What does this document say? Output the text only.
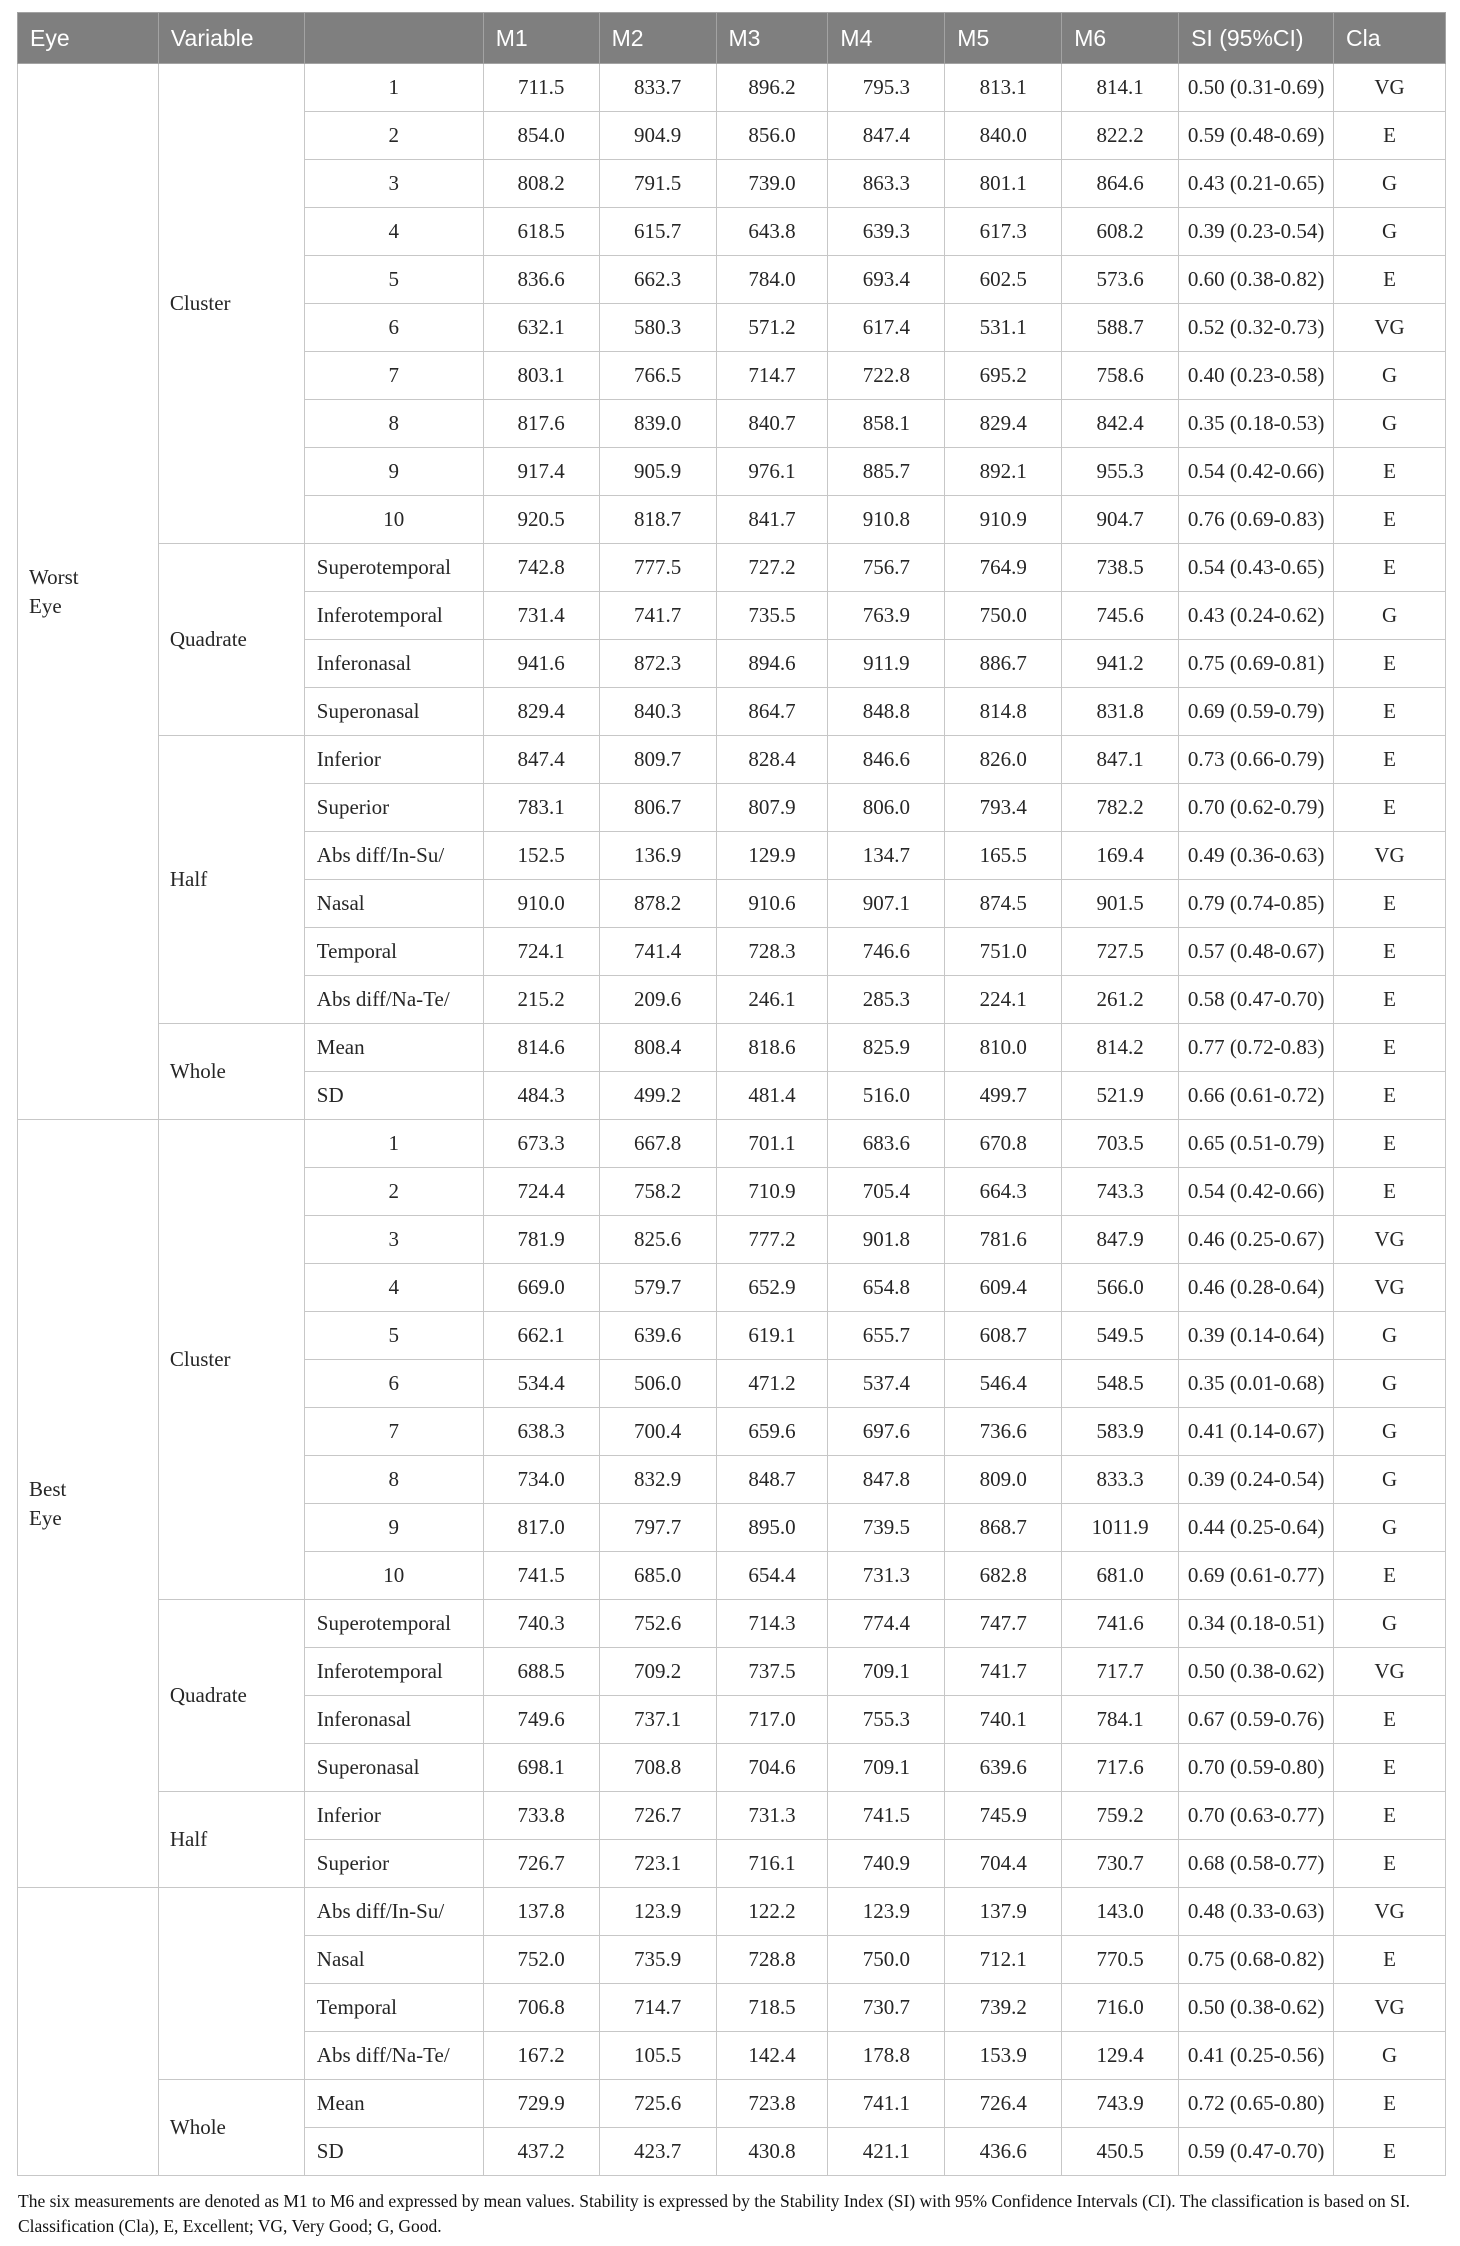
Eye	Variable		M1	M2	M3	M4	M5	M6	SI (95%CI)	Cla
Worst Eye	Cluster	1	711.5	833.7	896.2	795.3	813.1	814.1	0.50 (0.31-0.69)	VG
		2	854.0	904.9	856.0	847.4	840.0	822.2	0.59 (0.48-0.69)	E
		3	808.2	791.5	739.0	863.3	801.1	864.6	0.43 (0.21-0.65)	G
		4	618.5	615.7	643.8	639.3	617.3	608.2	0.39 (0.23-0.54)	G
		5	836.6	662.3	784.0	693.4	602.5	573.6	0.60 (0.38-0.82)	E
		6	632.1	580.3	571.2	617.4	531.1	588.7	0.52 (0.32-0.73)	VG
		7	803.1	766.5	714.7	722.8	695.2	758.6	0.40 (0.23-0.58)	G
		8	817.6	839.0	840.7	858.1	829.4	842.4	0.35 (0.18-0.53)	G
		9	917.4	905.9	976.1	885.7	892.1	955.3	0.54 (0.42-0.66)	E
		10	920.5	818.7	841.7	910.8	910.9	904.7	0.76 (0.69-0.83)	E
	Quadrate	Superotemporal	742.8	777.5	727.2	756.7	764.9	738.5	0.54 (0.43-0.65)	E
		Inferotemporal	731.4	741.7	735.5	763.9	750.0	745.6	0.43 (0.24-0.62)	G
		Inferonasal	941.6	872.3	894.6	911.9	886.7	941.2	0.75 (0.69-0.81)	E
		Superonasal	829.4	840.3	864.7	848.8	814.8	831.8	0.69 (0.59-0.79)	E
	Half	Inferior	847.4	809.7	828.4	846.6	826.0	847.1	0.73 (0.66-0.79)	E
		Superior	783.1	806.7	807.9	806.0	793.4	782.2	0.70 (0.62-0.79)	E
		Abs diff/In-Su/	152.5	136.9	129.9	134.7	165.5	169.4	0.49 (0.36-0.63)	VG
		Nasal	910.0	878.2	910.6	907.1	874.5	901.5	0.79 (0.74-0.85)	E
		Temporal	724.1	741.4	728.3	746.6	751.0	727.5	0.57 (0.48-0.67)	E
		Abs diff/Na-Te/	215.2	209.6	246.1	285.3	224.1	261.2	0.58 (0.47-0.70)	E
	Whole	Mean	814.6	808.4	818.6	825.9	810.0	814.2	0.77 (0.72-0.83)	E
		SD	484.3	499.2	481.4	516.0	499.7	521.9	0.66 (0.61-0.72)	E
Best Eye	Cluster	1	673.3	667.8	701.1	683.6	670.8	703.5	0.65 (0.51-0.79)	E
		2	724.4	758.2	710.9	705.4	664.3	743.3	0.54 (0.42-0.66)	E
		3	781.9	825.6	777.2	901.8	781.6	847.9	0.46 (0.25-0.67)	VG
		4	669.0	579.7	652.9	654.8	609.4	566.0	0.46 (0.28-0.64)	VG
		5	662.1	639.6	619.1	655.7	608.7	549.5	0.39 (0.14-0.64)	G
		6	534.4	506.0	471.2	537.4	546.4	548.5	0.35 (0.01-0.68)	G
		7	638.3	700.4	659.6	697.6	736.6	583.9	0.41 (0.14-0.67)	G
		8	734.0	832.9	848.7	847.8	809.0	833.3	0.39 (0.24-0.54)	G
		9	817.0	797.7	895.0	739.5	868.7	1011.9	0.44 (0.25-0.64)	G
		10	741.5	685.0	654.4	731.3	682.8	681.0	0.69 (0.61-0.77)	E
	Quadrate	Superotemporal	740.3	752.6	714.3	774.4	747.7	741.6	0.34 (0.18-0.51)	G
		Inferotemporal	688.5	709.2	737.5	709.1	741.7	717.7	0.50 (0.38-0.62)	VG
		Inferonasal	749.6	737.1	717.0	755.3	740.1	784.1	0.67 (0.59-0.76)	E
		Superonasal	698.1	708.8	704.6	709.1	639.6	717.6	0.70 (0.59-0.80)	E
	Half	Inferior	733.8	726.7	731.3	741.5	745.9	759.2	0.70 (0.63-0.77)	E
		Superior	726.7	723.1	716.1	740.9	704.4	730.7	0.68 (0.58-0.77)	E
		Abs diff/In-Su/	137.8	123.9	122.2	123.9	137.9	143.0	0.48 (0.33-0.63)	VG
		Nasal	752.0	735.9	728.8	750.0	712.1	770.5	0.75 (0.68-0.82)	E
		Temporal	706.8	714.7	718.5	730.7	739.2	716.0	0.50 (0.38-0.62)	VG
		Abs diff/Na-Te/	167.2	105.5	142.4	178.8	153.9	129.4	0.41 (0.25-0.56)	G
	Whole	Mean	729.9	725.6	723.8	741.1	726.4	743.9	0.72 (0.65-0.80)	E
		SD	437.2	423.7	430.8	421.1	436.6	450.5	0.59 (0.47-0.70)	E

The six measurements are denoted as M1 to M6 and expressed by mean values. Stability is expressed by the Stability Index (SI) with 95% Confidence Intervals (CI). The classification is based on SI. Classification (Cla), E, Excellent; VG, Very Good; G, Good.
